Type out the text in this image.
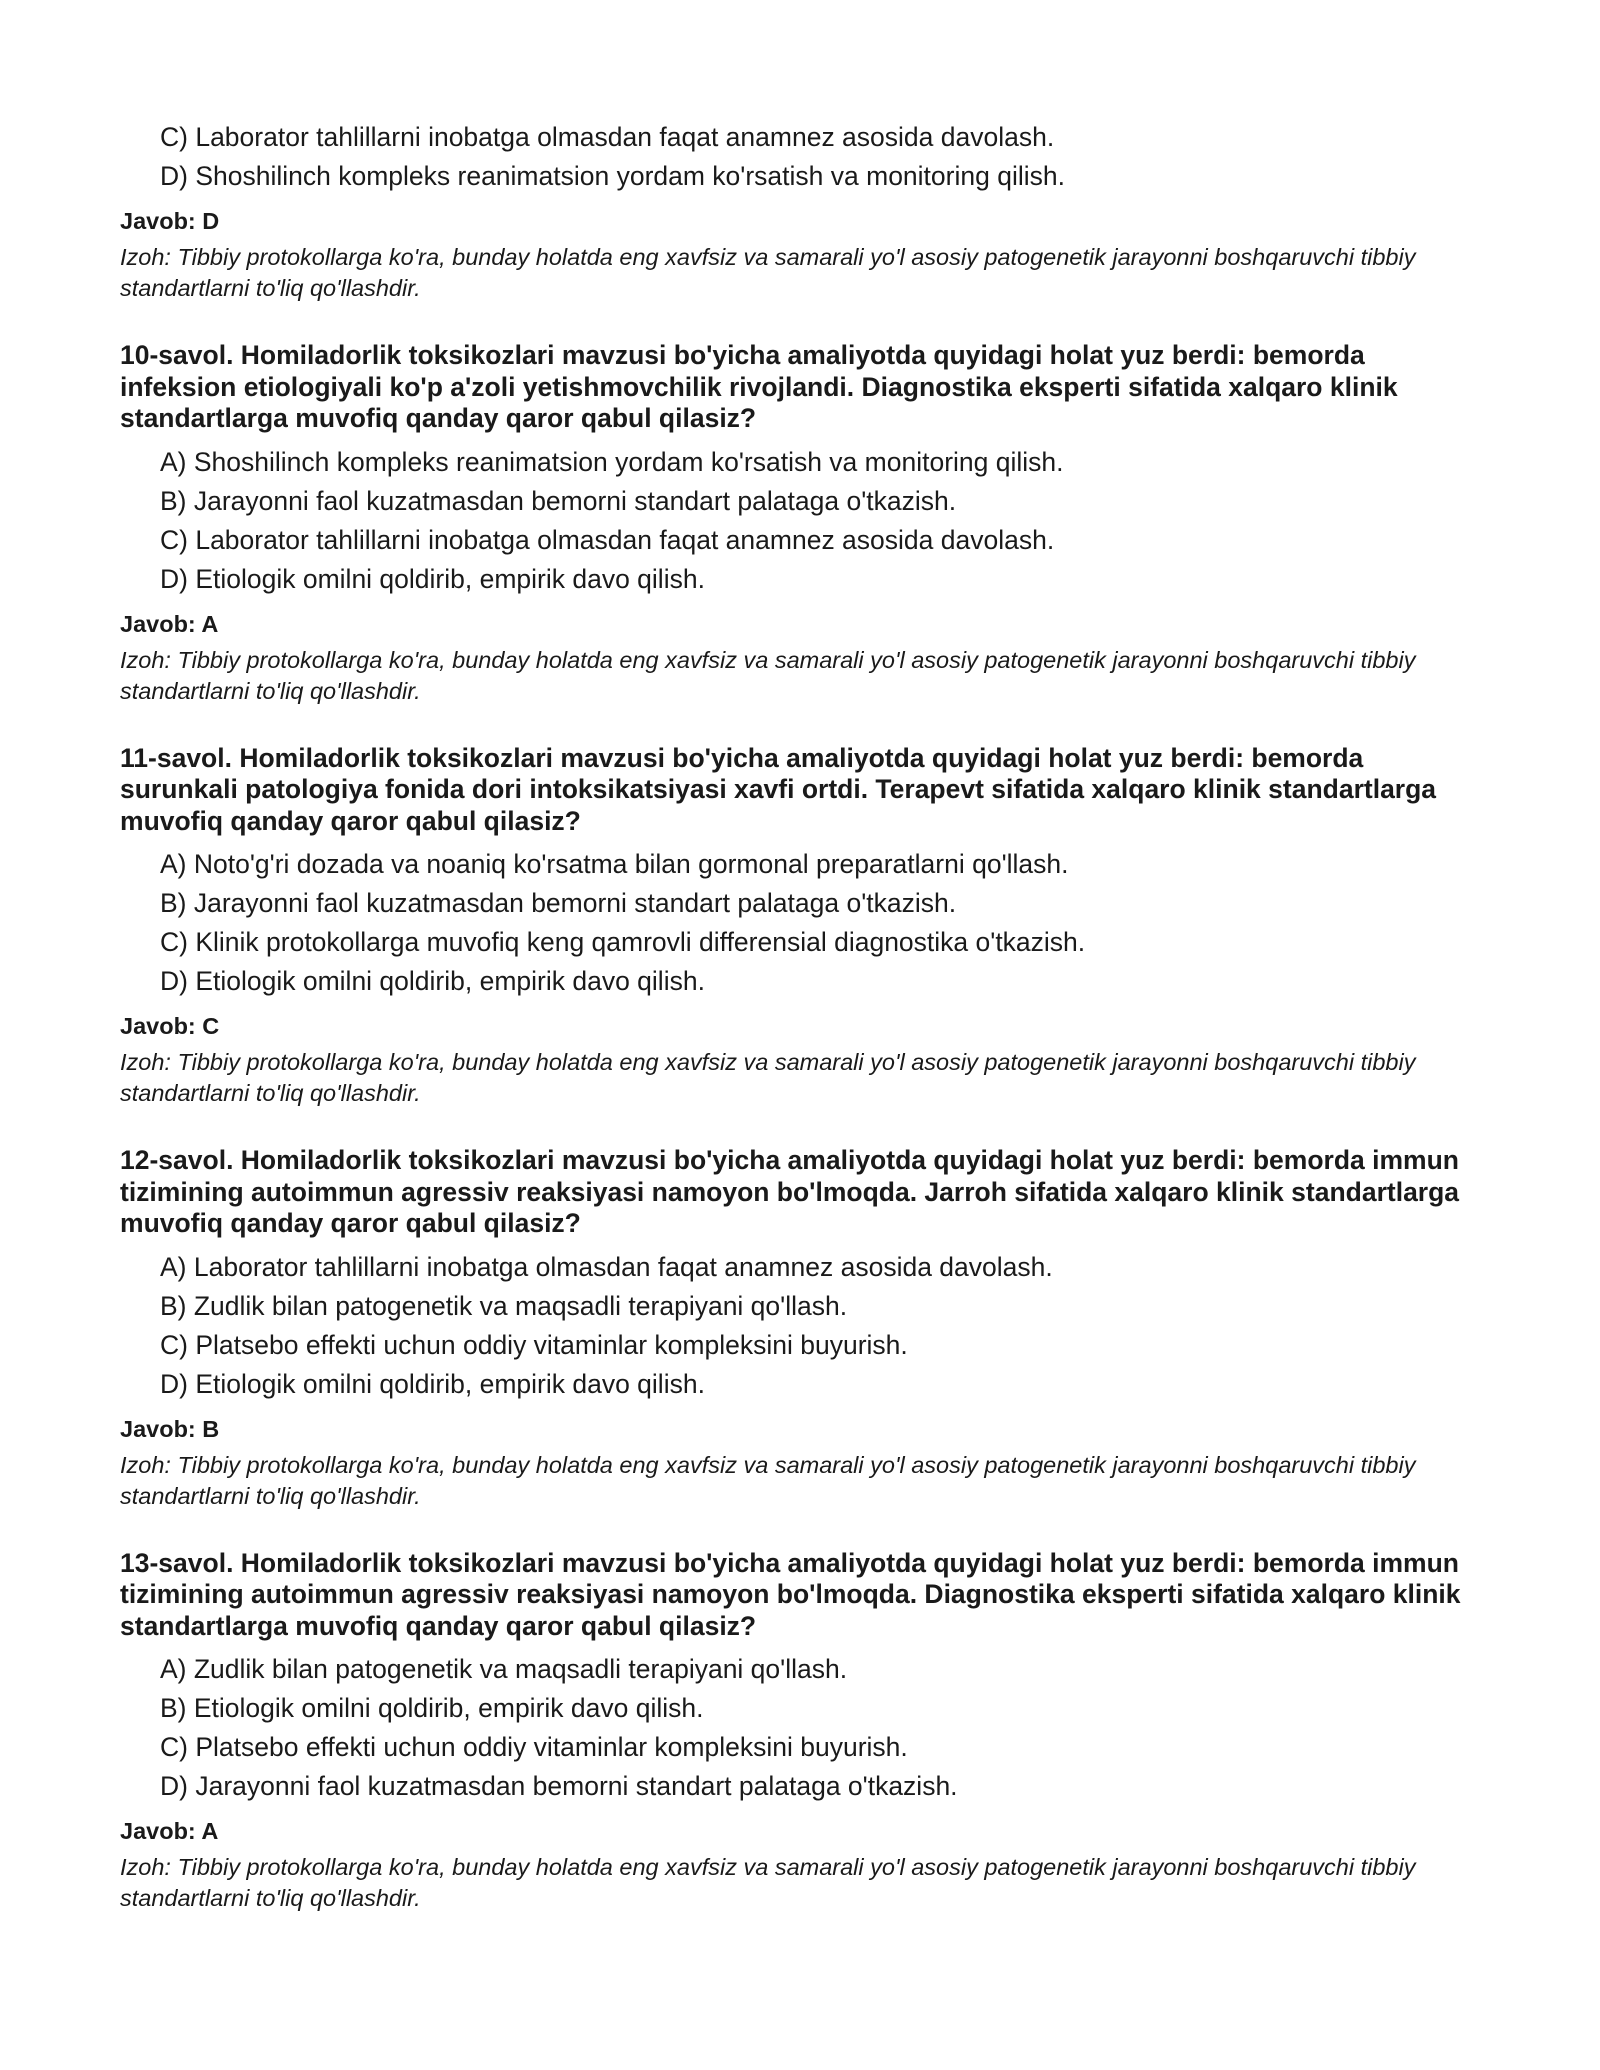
C) Laborator tahlillarni inobatga olmasdan faqat anamnez asosida davolash.
D) Shoshilinch kompleks reanimatsion yordam ko'rsatish va monitoring qilish.
Javob: D
Izoh: Tibbiy protokollarga ko'ra, bunday holatda eng xavfsiz va samarali yo'l asosiy patogenetik jarayonni boshqaruvchi tibbiy standartlarni to'liq qo'llashdir.
10-savol. Homiladorlik toksikozlari mavzusi bo'yicha amaliyotda quyidagi holat yuz berdi: bemorda infeksion etiologiyali ko'p a'zoli yetishmovchilik rivojlandi. Diagnostika eksperti sifatida xalqaro klinik standartlarga muvofiq qanday qaror qabul qilasiz?
A) Shoshilinch kompleks reanimatsion yordam ko'rsatish va monitoring qilish.
B) Jarayonni faol kuzatmasdan bemorni standart palataga o'tkazish.
C) Laborator tahlillarni inobatga olmasdan faqat anamnez asosida davolash.
D) Etiologik omilni qoldirib, empirik davo qilish.
Javob: A
Izoh: Tibbiy protokollarga ko'ra, bunday holatda eng xavfsiz va samarali yo'l asosiy patogenetik jarayonni boshqaruvchi tibbiy standartlarni to'liq qo'llashdir.
11-savol. Homiladorlik toksikozlari mavzusi bo'yicha amaliyotda quyidagi holat yuz berdi: bemorda surunkali patologiya fonida dori intoksikatsiyasi xavfi ortdi. Terapevt sifatida xalqaro klinik standartlarga muvofiq qanday qaror qabul qilasiz?
A) Noto'g'ri dozada va noaniq ko'rsatma bilan gormonal preparatlarni qo'llash.
B) Jarayonni faol kuzatmasdan bemorni standart palataga o'tkazish.
C) Klinik protokollarga muvofiq keng qamrovli differensial diagnostika o'tkazish.
D) Etiologik omilni qoldirib, empirik davo qilish.
Javob: C
Izoh: Tibbiy protokollarga ko'ra, bunday holatda eng xavfsiz va samarali yo'l asosiy patogenetik jarayonni boshqaruvchi tibbiy standartlarni to'liq qo'llashdir.
12-savol. Homiladorlik toksikozlari mavzusi bo'yicha amaliyotda quyidagi holat yuz berdi: bemorda immun tizimining autoimmun agressiv reaksiyasi namoyon bo'lmoqda. Jarroh sifatida xalqaro klinik standartlarga muvofiq qanday qaror qabul qilasiz?
A) Laborator tahlillarni inobatga olmasdan faqat anamnez asosida davolash.
B) Zudlik bilan patogenetik va maqsadli terapiyani qo'llash.
C) Platsebo effekti uchun oddiy vitaminlar kompleksini buyurish.
D) Etiologik omilni qoldirib, empirik davo qilish.
Javob: B
Izoh: Tibbiy protokollarga ko'ra, bunday holatda eng xavfsiz va samarali yo'l asosiy patogenetik jarayonni boshqaruvchi tibbiy standartlarni to'liq qo'llashdir.
13-savol. Homiladorlik toksikozlari mavzusi bo'yicha amaliyotda quyidagi holat yuz berdi: bemorda immun tizimining autoimmun agressiv reaksiyasi namoyon bo'lmoqda. Diagnostika eksperti sifatida xalqaro klinik standartlarga muvofiq qanday qaror qabul qilasiz?
A) Zudlik bilan patogenetik va maqsadli terapiyani qo'llash.
B) Etiologik omilni qoldirib, empirik davo qilish.
C) Platsebo effekti uchun oddiy vitaminlar kompleksini buyurish.
D) Jarayonni faol kuzatmasdan bemorni standart palataga o'tkazish.
Javob: A
Izoh: Tibbiy protokollarga ko'ra, bunday holatda eng xavfsiz va samarali yo'l asosiy patogenetik jarayonni boshqaruvchi tibbiy standartlarni to'liq qo'llashdir.
